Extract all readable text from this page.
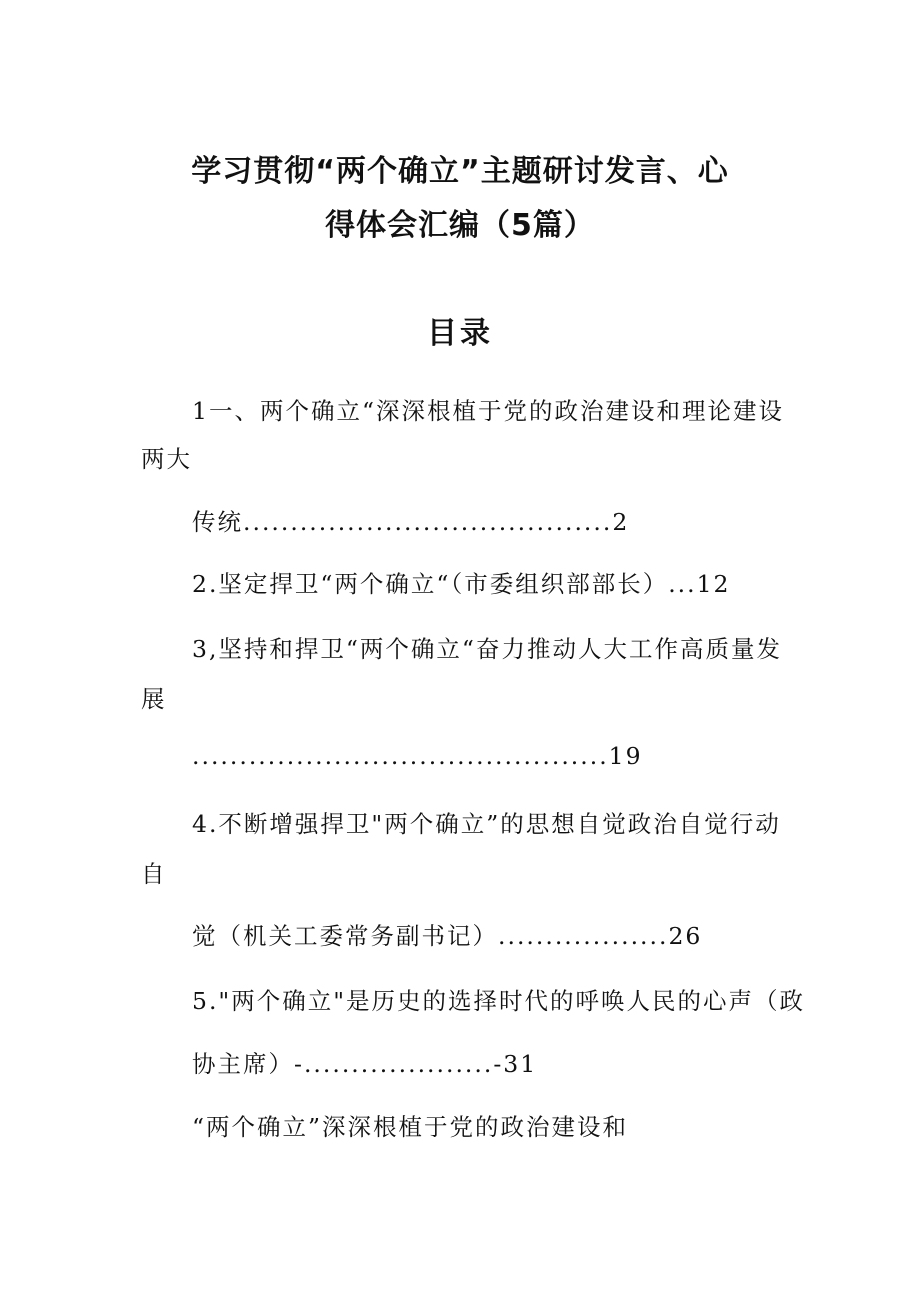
学习贯彻“两个确立”主题研讨发言、心
得体会汇编（5篇）
目录
1一、两个确立“深深根植于党的政治建设和理论建设
两大
传统.......................................2
2.坚定捍卫“两个确立“（市委组织部部长）...12
3,坚持和捍卫“两个确立“奋力推动人大工作高质量发
展
............................................19
4.不断增强捍卫"两个确立”的思想自觉政治自觉行动
自
觉（机关工委常务副书记）..................26
5."两个确立"是历史的选择时代的呼唤人民的心声（政
协主席）-....................-31
“两个确立”深深根植于党的政治建设和
